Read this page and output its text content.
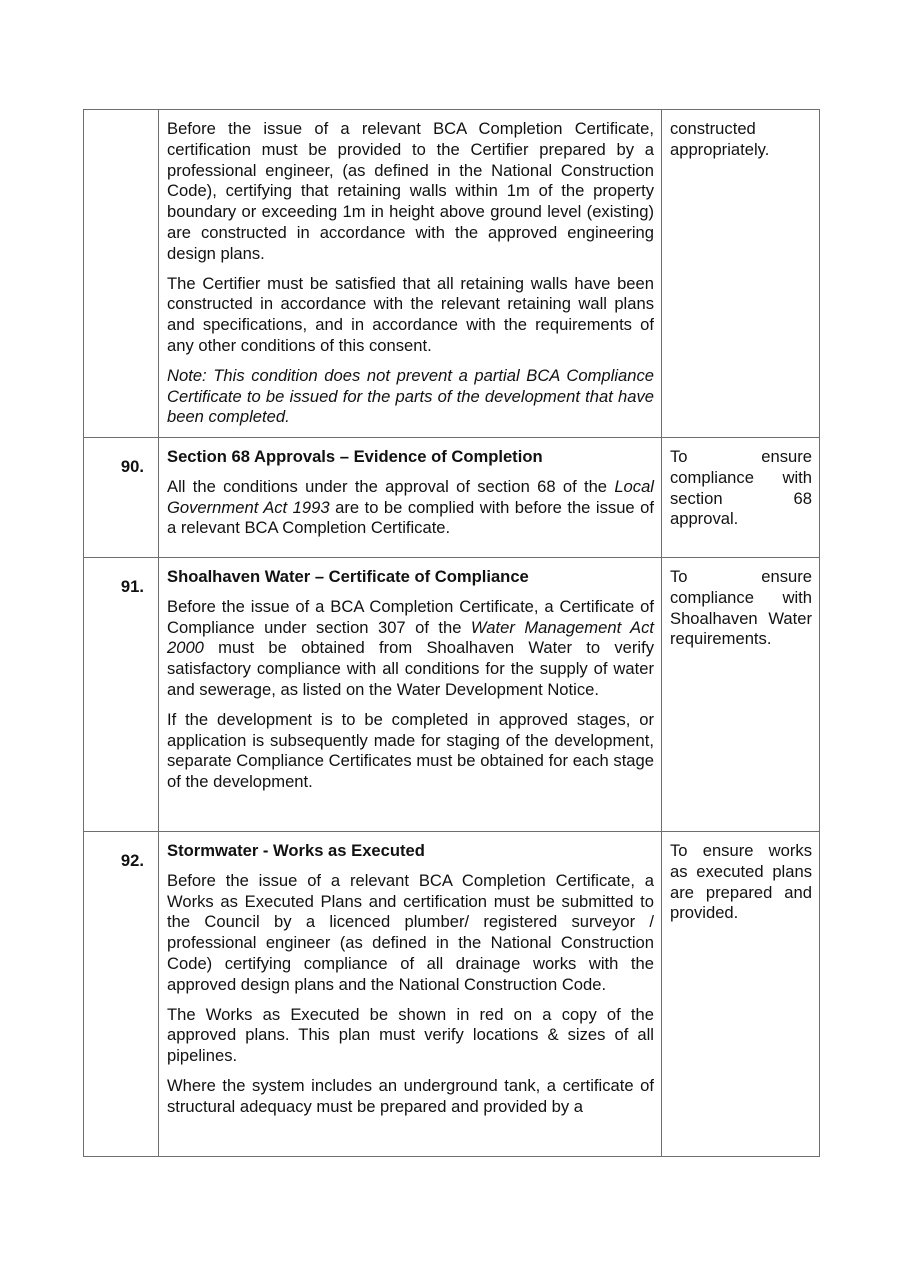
	Before the issue of a relevant BCA Completion Certificate, certification must be provided to the Certifier prepared by a professional engineer, (as defined in the National Construction Code), certifying that retaining walls within 1m of the property boundary or exceeding 1m in height above ground level (existing) are constructed in accordance with the approved engineering design plans.

The Certifier must be satisfied that all retaining walls have been constructed in accordance with the relevant retaining wall plans and specifications, and in accordance with the requirements of any other conditions of this consent.

Note: This condition does not prevent a partial BCA Compliance Certificate to be issued for the parts of the development that have been completed.	constructed appropriately.

90.	Section 68 Approvals – Evidence of Completion

All the conditions under the approval of section 68 of the Local Government Act 1993 are to be complied with before the issue of a relevant BCA Completion Certificate.	To ensure compliance with section 68 approval.

91.	Shoalhaven Water – Certificate of Compliance

Before the issue of a BCA Completion Certificate, a Certificate of Compliance under section 307 of the Water Management Act 2000 must be obtained from Shoalhaven Water to verify satisfactory compliance with all conditions for the supply of water and sewerage, as listed on the Water Development Notice.

If the development is to be completed in approved stages, or application is subsequently made for staging of the development, separate Compliance Certificates must be obtained for each stage of the development.	To ensure compliance with Shoalhaven Water requirements.

92.	Stormwater - Works as Executed

Before the issue of a relevant BCA Completion Certificate, a Works as Executed Plans and certification must be submitted to the Council by a licenced plumber/ registered surveyor / professional engineer (as defined in the National Construction Code) certifying compliance of all drainage works with the approved design plans and the National Construction Code.

The Works as Executed be shown in red on a copy of the approved plans. This plan must verify locations & sizes of all pipelines.

Where the system includes an underground tank, a certificate of structural adequacy must be prepared and provided by a	To ensure works as executed plans are prepared and provided.
